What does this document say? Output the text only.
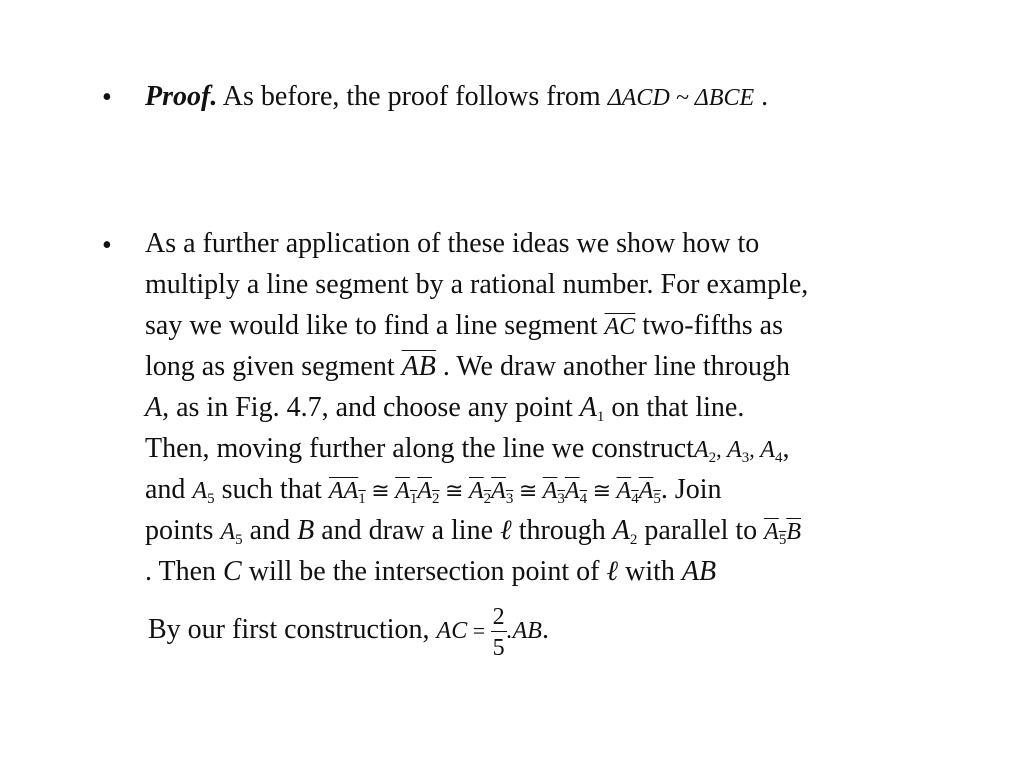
• Proof. As before, the proof follows from ΔACD ~ ΔBCE .
• As a further application of these ideas we show how to
multiply a line segment by a rational number. For example,
say we would like to find a line segment $\overline{AC}$ two-fifths as
long as given segment $\overline{AB}$ . We draw another line through
A, as in Fig. 4.7, and choose any point $A_1$ on that line.
Then, moving further along the line we constructA$_2$, $A_3$, $A_4$,
and $A_5$ such that $AA_1$ ≅ $A_1A_2$ ≅ $A_2A_3$ ≅ $A_3A_4$ ≅ $A_4A_5$. Join
points $A_5$ and B and draw a line ℓ through $A_2$ parallel to $A_5B$
. Then C will be the intersection point of ℓ with AB
By our first construction, AC = $\frac{2}{5} .AB$.
